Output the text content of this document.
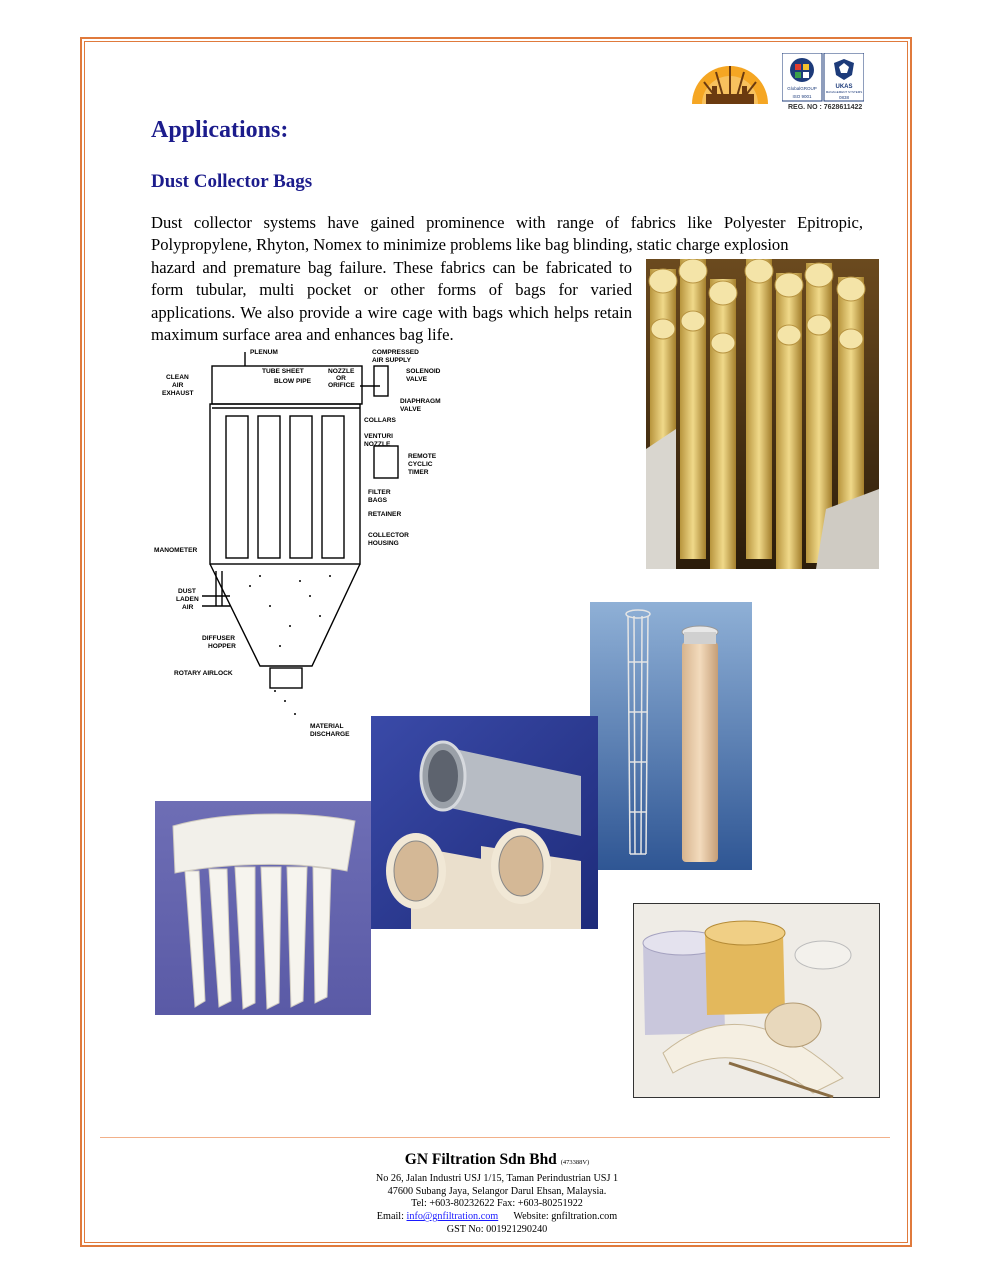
GlobalGROUP
ISO 9001
UKAS
MANAGEMENT SYSTEMS
0838
REG. NO : 7628611422
Applications:
Dust Collector Bags

Dust collector systems have gained prominence with range of fabrics like Polyester Epitropic, Polypropylene, Rhyton, Nomex to minimize problems like bag blinding, static charge explosion

hazard and premature bag failure. These fabrics can be fabricated to form tubular, multi pocket or other forms of bags for varied applications. We also provide a wire cage with bags which helps retain maximum surface area and enhances bag life.

PLENUM	COMPRESSED
AIR SUPPLY
TUBE SHEET	NOZZLE
OR
ORIFICE
BLOW PIPE
SOLENOID
VALVE
CLEAN
AIR
EXHAUST
DIAPHRAGM
VALVE
COLLARS
VENTURI
NOZZLE
REMOTE
CYCLIC
TIMER
FILTER
BAGS
RETAINER
COLLECTOR
HOUSING
MANOMETER
DUST
LADEN
AIR
DIFFUSER
HOPPER
ROTARY AIRLOCK
MATERIAL
DISCHARGE
GN Filtration Sdn Bhd (473388V)
No 26, Jalan Industri USJ 1/15, Taman Perindustrian USJ 1
47600 Subang Jaya, Selangor Darul Ehsan, Malaysia.
Tel: +603-80232622 Fax: +603-80251922
Email: info@gnfiltration.com Website: gnfiltration.com
GST No: 001921290240
